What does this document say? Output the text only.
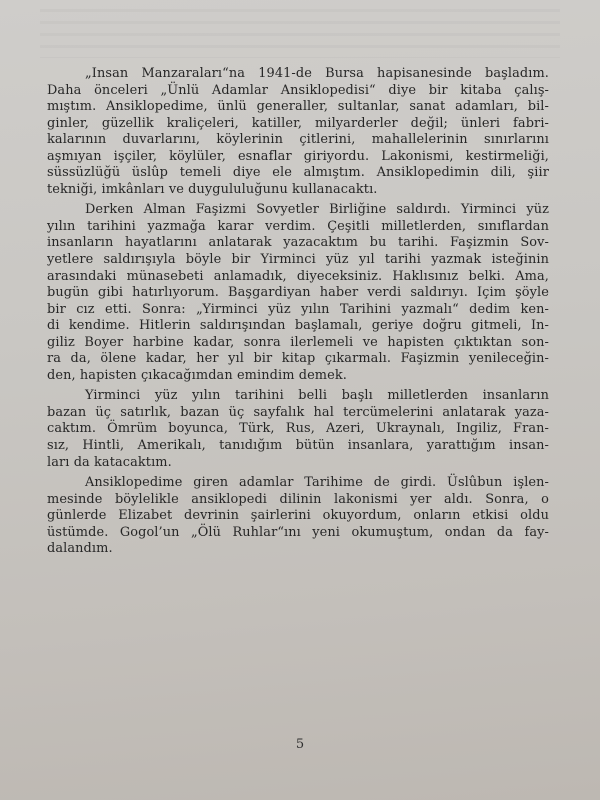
„Insan Manzaraları“na 1941-de Bursa hapisanesinde başladım.
Daha önceleri „Ünlü Adamlar Ansiklopedisi“ diye bir kitaba çalış-
mıştım. Ansiklopedime, ünlü generaller, sultanlar, sanat adamları, bil-
ginler, güzellik kraliçeleri, katiller, milyarderler değil; ünleri fabri-
kalarının duvarlarını, köylerinin çitlerini, mahallelerinin sınırlarını
aşmıyan işçiler, köylüler, esnaflar giriyordu. Lakonismi, kestirmeliği,
süssüzlüğü üslûp temeli diye ele almıştım. Ansiklopedimin dili, şiir
tekniği, imkânları ve duygululuğunu kullanacaktı.
Derken Alman Faşizmi Sovyetler Birliğine saldırdı. Yirminci yüz
yılın tarihini yazmağa karar verdim. Çeşitli milletlerden, sınıflardan
insanların hayatlarını anlatarak yazacaktım bu tarihi. Faşizmin Sov-
yetlere saldırışıyla böyle bir Yirminci yüz yıl tarihi yazmak isteğinin
arasındaki münasebeti anlamadık, diyeceksiniz. Haklısınız belki. Ama,
bugün gibi hatırlıyorum. Başgardiyan haber verdi saldırıyı. Içim şöyle
bir cız etti. Sonra: „Yirminci yüz yılın Tarihini yazmalı“ dedim ken-
di kendime. Hitlerin saldırışından başlamalı, geriye doğru gitmeli, In-
giliz Boyer harbine kadar, sonra ilerlemeli ve hapisten çıktıktan son-
ra da, ölene kadar, her yıl bir kitap çıkarmalı. Faşizmin yenileceğin-
den, hapisten çıkacağımdan emindim demek.
Yirminci yüz yılın tarihini belli başlı milletlerden insanların
bazan üç satırlık, bazan üç sayfalık hal tercümelerini anlatarak yaza-
caktım. Ömrüm boyunca, Türk, Rus, Azeri, Ukraynalı, Ingiliz, Fran-
sız, Hintli, Amerikalı, tanıdığım bütün insanlara, yarattığım insan-
ları da katacaktım.
Ansiklopedime giren adamlar Tarihime de girdi. Üslûbun işlen-
mesinde böylelikle ansiklopedi dilinin lakonismi yer aldı. Sonra, o
günlerde Elizabet devrinin şairlerini okuyordum, onların etkisi oldu
üstümde. Gogol’un „Ölü Ruhlar“ını yeni okumuştum, ondan da fay-
dalandım.
5
